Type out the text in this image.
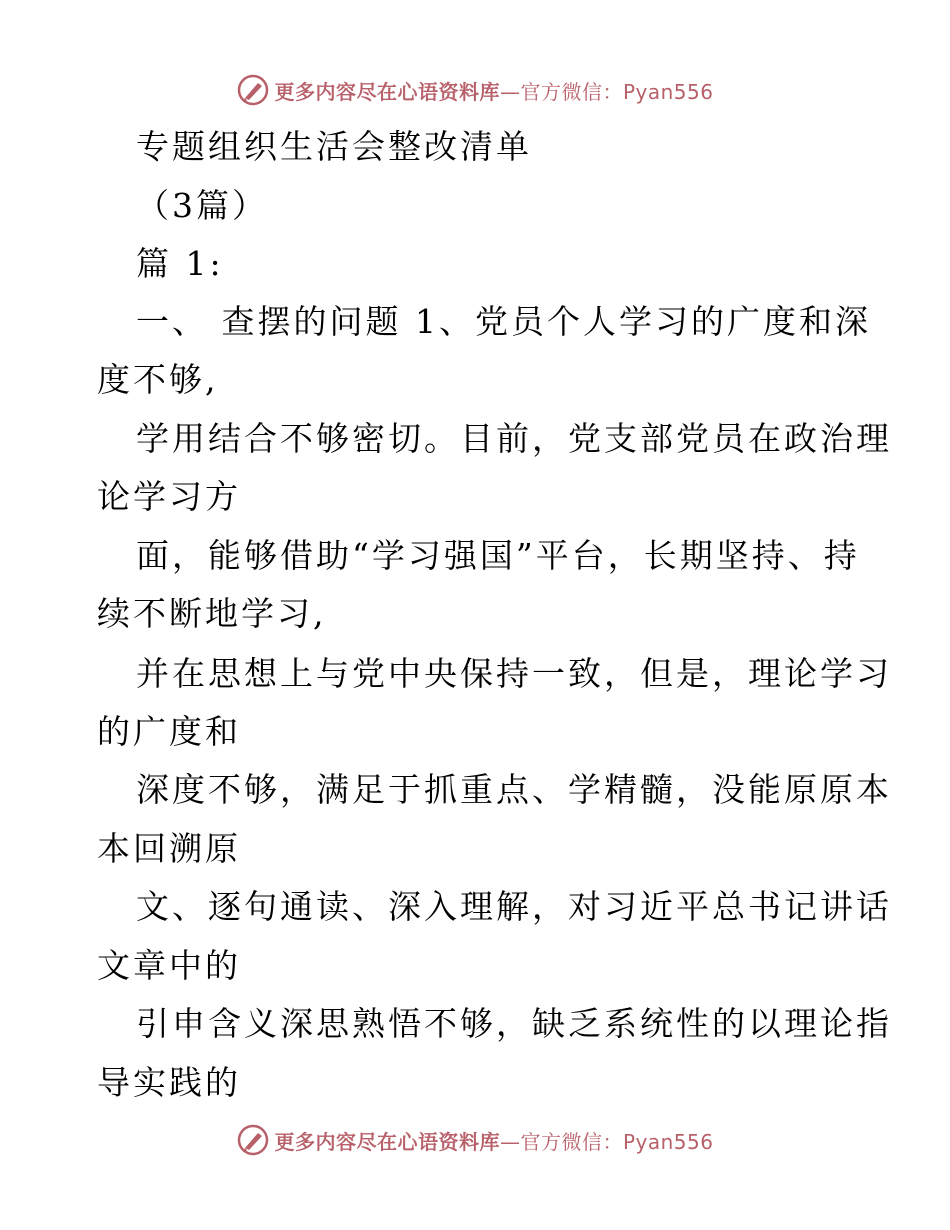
更多内容尽在心语资料库—官方微信：Pyan556
专题组织生活会整改清单
（3篇）
篇 1:
一、 查摆的问题 1、党员个人学习的广度和深
度不够,
学用结合不够密切。目前，党支部党员在政治理
论学习方
面，能够借助“学习强国”平台，长期坚持、持
续不断地学习,
并在思想上与党中央保持一致，但是，理论学习
的广度和
深度不够，满足于抓重点、学精髓，没能原原本
本回溯原
文、逐句通读、深入理解，对习近平总书记讲话
文章中的
引申含义深思熟悟不够，缺乏系统性的以理论指
导实践的
更多内容尽在心语资料库—官方微信：Pyan556
